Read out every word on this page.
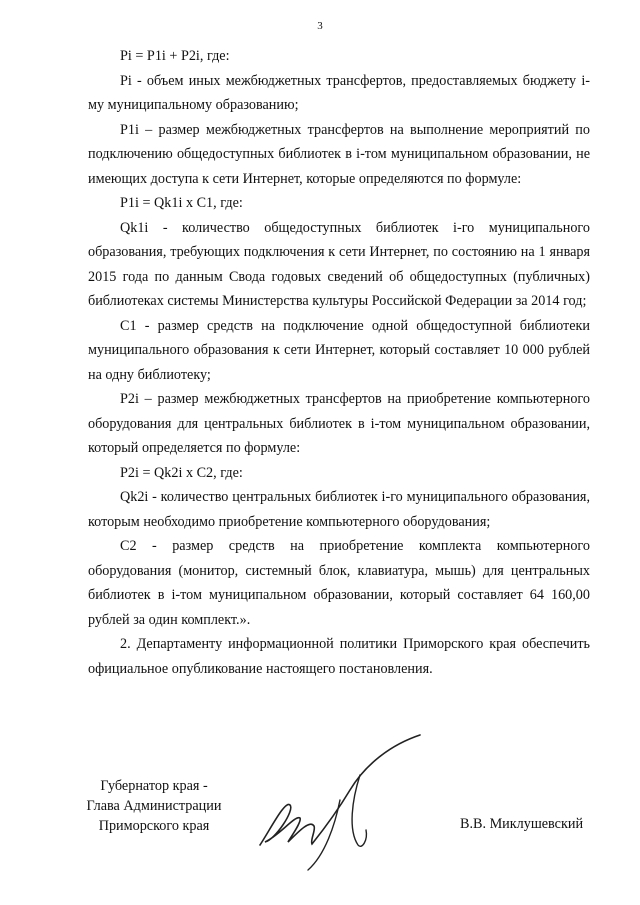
3

Pi = P1i + P2i, где:

Pi - объем иных межбюджетных трансфертов, предоставляемых бюджету i-му муниципальному образованию;

P1i – размер межбюджетных трансфертов на выполнение мероприятий по подключению общедоступных библиотек в i-том муниципальном образовании, не имеющих доступа к сети Интернет, которые определяются по формуле:

P1i = Qk1i x C1, где:

Qk1i - количество общедоступных библиотек i-го муниципального образования, требующих подключения к сети Интернет, по состоянию на 1 января 2015 года по данным Свода годовых сведений об общедоступных (публичных) библиотеках системы Министерства культуры Российской Федерации за 2014 год;

C1 - размер средств на подключение одной общедоступной библиотеки муниципального образования к сети Интернет, который составляет 10 000 рублей на одну библиотеку;

P2i – размер межбюджетных трансфертов на приобретение компьютерного оборудования для центральных библиотек в i-том муниципальном образовании, который определяется по формуле:

P2i = Qk2i x C2, где:

Qk2i - количество центральных библиотек i-го муниципального образования, которым необходимо приобретение компьютерного оборудования;

C2 - размер средств на приобретение комплекта компьютерного оборудования (монитор, системный блок, клавиатура, мышь) для центральных библиотек в i-том муниципальном образовании, который составляет 64 160,00 рублей за один комплект.».

2. Департаменту информационной политики Приморского края обеспечить официальное опубликование настоящего постановления.

Губернатор края -
Глава Администрации
Приморского края	В.В. Миклушевский
